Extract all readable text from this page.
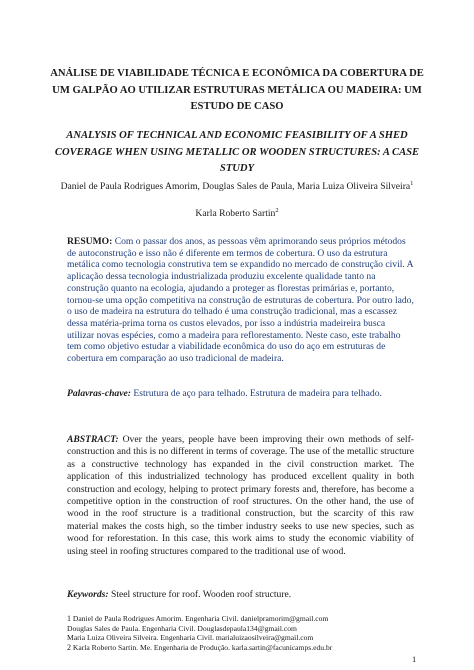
ANÁLISE DE VIABILIDADE TÉCNICA E ECONÔMICA DA COBERTURA DE UM GALPÃO AO UTILIZAR ESTRUTURAS METÁLICA OU MADEIRA: UM ESTUDO DE CASO

ANALYSIS OF TECHNICAL AND ECONOMIC FEASIBILITY OF A SHED COVERAGE WHEN USING METALLIC OR WOODEN STRUCTURES: A CASE STUDY

Daniel de Paula Rodrigues Amorim, Douglas Sales de Paula, Maria Luiza Oliveira Silveira$^1$

Karla Roberto Sartin$^2$

RESUMO: Com o passar dos anos, as pessoas vêm aprimorando seus próprios métodos de autoconstrução e isso não é diferente em termos de cobertura. O uso da estrutura metálica como tecnologia construtiva tem se expandido no mercado de construção civil. A aplicação dessa tecnologia industrializada produziu excelente qualidade tanto na construção quanto na ecologia, ajudando a proteger as florestas primárias e, portanto, tornou-se uma opção competitiva na construção de estruturas de cobertura. Por outro lado, o uso de madeira na estrutura do telhado é uma construção tradicional, mas a escassez dessa matéria-prima torna os custos elevados, por isso a indústria madeireira busca utilizar novas espécies, como a madeira para reflorestamento. Neste caso, este trabalho tem como objetivo estudar a viabilidade econômica do uso do aço em estruturas de cobertura em comparação ao uso tradicional de madeira.

Palavras-chave: Estrutura de aço para telhado. Estrutura de madeira para telhado.

ABSTRACT: Over the years, people have been improving their own methods of self-construction and this is no different in terms of coverage. The use of the metallic structure as a constructive technology has expanded in the civil construction market. The application of this industrialized technology has produced excellent quality in both construction and ecology, helping to protect primary forests and, therefore, has become a competitive option in the construction of roof structures. On the other hand, the use of wood in the roof structure is a traditional construction, but the scarcity of this raw material makes the costs high, so the timber industry seeks to use new species, such as wood for reforestation. In this case, this work aims to study the economic viability of using steel in roofing structures compared to the traditional use of wood.

Keywords: Steel structure for roof. Wooden roof structure.

1 Daniel de Paula Rodrigues Amorim. Engenharia Civil. danielpramorim@gmail.com
Douglas Sales de Paula. Engenharia Civil. Douglasdepaula134@gmail.com
Maria Luiza Oliveira Silveira. Engenharia Civil. marialuizaosilveira@gmail.com
2 Karla Roberto Sartin. Me. Engenharia de Produção. karla.sartin@facunicamps.edu.br

1
